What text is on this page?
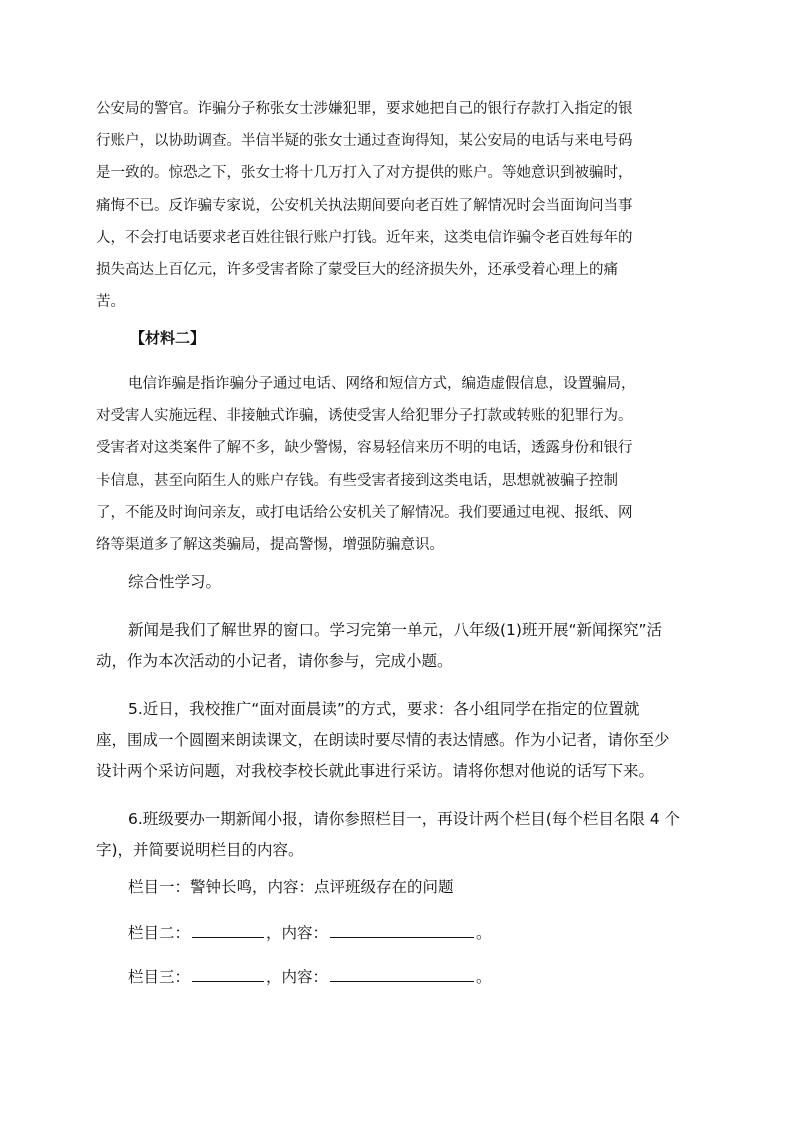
公安局的警官。诈骗分子称张女士涉嫌犯罪，要求她把自己的银行存款打入指定的银
行账户，以协助调查。半信半疑的张女士通过查询得知，某公安局的电话与来电号码
是一致的。惊恐之下，张女士将十几万打入了对方提供的账户。等她意识到被骗时，
痛悔不已。反诈骗专家说，公安机关执法期间要向老百姓了解情况时会当面询问当事
人，不会打电话要求老百姓往银行账户打钱。近年来，这类电信诈骗令老百姓每年的
损失高达上百亿元，许多受害者除了蒙受巨大的经济损失外，还承受着心理上的痛
苦。
【材料二】
电信诈骗是指诈骗分子通过电话、网络和短信方式，编造虚假信息，设置骗局，
对受害人实施远程、非接触式诈骗，诱使受害人给犯罪分子打款或转账的犯罪行为。
受害者对这类案件了解不多，缺少警惕，容易轻信来历不明的电话，透露身份和银行
卡信息，甚至向陌生人的账户存钱。有些受害者接到这类电话，思想就被骗子控制
了，不能及时询问亲友，或打电话给公安机关了解情况。我们要通过电视、报纸、网
络等渠道多了解这类骗局，提高警惕，增强防骗意识。
综合性学习。
新闻是我们了解世界的窗口。学习完第一单元，八年级(1)班开展“新闻探究”活
动，作为本次活动的小记者，请你参与，完成小题。
5.近日，我校推广“面对面晨读”的方式，要求：各小组同学在指定的位置就
座，围成一个圆圈来朗读课文，在朗读时要尽情的表达情感。作为小记者，请你至少
设计两个采访问题，对我校李校长就此事进行采访。请将你想对他说的话写下来。
6.班级要办一期新闻小报，请你参照栏目一，再设计两个栏目(每个栏目名限 4 个
字)，并简要说明栏目的内容。
栏目一：警钟长鸣，内容：点评班级存在的问题
栏目二：	，内容：	。
栏目三：	，内容：	。
